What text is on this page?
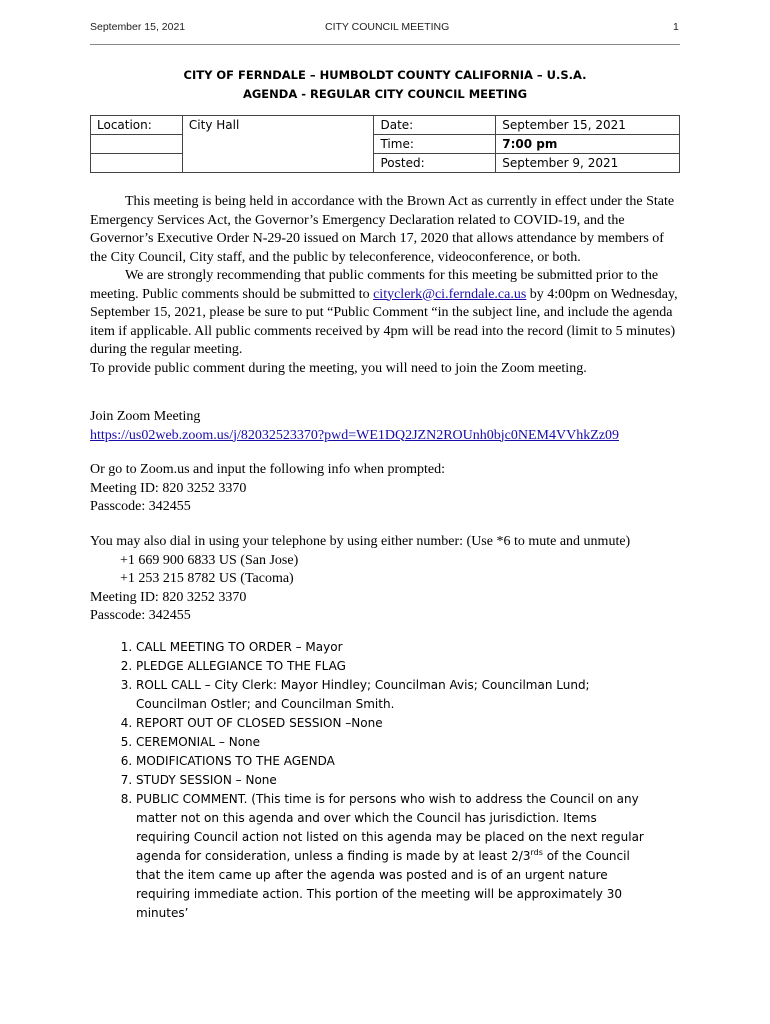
September 15, 2021	CITY COUNCIL MEETING	1
CITY OF FERNDALE – HUMBOLDT COUNTY CALIFORNIA – U.S.A.
AGENDA - REGULAR CITY COUNCIL MEETING
Location:	City Hall	Date:	September 15, 2021
		Time:	7:00 pm
		Posted:	September 9, 2021

This meeting is being held in accordance with the Brown Act as currently in effect under the State Emergency Services Act, the Governor’s Emergency Declaration related to COVID-19, and the Governor’s Executive Order N-29-20 issued on March 17, 2020 that allows attendance by members of the City Council, City staff, and the public by teleconference, videoconference, or both.

We are strongly recommending that public comments for this meeting be submitted prior to the meeting. Public comments should be submitted to cityclerk@ci.ferndale.ca.us by 4:00pm on Wednesday, September 15, 2021, please be sure to put “Public Comment “in the subject line, and include the agenda item if applicable. All public comments received by 4pm will be read into the record (limit to 5 minutes) during the regular meeting.

To provide public comment during the meeting, you will need to join the Zoom meeting.

Join Zoom Meeting

https://us02web.zoom.us/j/82032523370?pwd=WE1DQ2JZN2ROUnh0bjc0NEM4VVhkZz09

Or go to Zoom.us and input the following info when prompted:

Meeting ID: 820 3252 3370

Passcode: 342455

You may also dial in using your telephone by using either number: (Use *6 to mute and unmute)

+1 669 900 6833 US (San Jose)

+1 253 215 8782 US (Tacoma)

Meeting ID: 820 3252 3370

Passcode: 342455

1. CALL MEETING TO ORDER – Mayor
2. PLEDGE ALLEGIANCE TO THE FLAG
3. ROLL CALL – City Clerk: Mayor Hindley; Councilman Avis; Councilman Lund; Councilman Ostler; and Councilman Smith.
4. REPORT OUT OF CLOSED SESSION –None
5. CEREMONIAL – None
6. MODIFICATIONS TO THE AGENDA
7. STUDY SESSION – None
8. PUBLIC COMMENT. (This time is for persons who wish to address the Council on any matter not on this agenda and over which the Council has jurisdiction. Items requiring Council action not listed on this agenda may be placed on the next regular agenda for consideration, unless a finding is made by at least $2/3^{rds}$ of the Council that the item came up after the agenda was posted and is of an urgent nature requiring immediate action. This portion of the meeting will be approximately 30 minutes’
